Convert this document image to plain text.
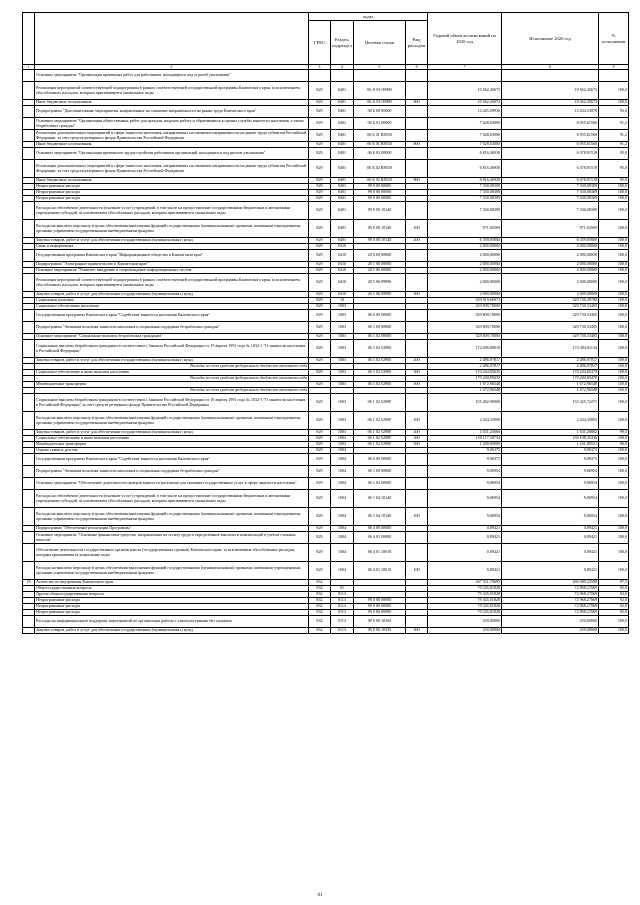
		коды				Годовой объем ассигнований на 2020 год	Исполнение 2020 год	% исполнения
		ГРБС	Раздел, подраздел	Целевая статья	Вид расходов			
1	2	3	4	5	6	7	8	9
	Основное мероприятие "Организация временных работ для работников, находящихся под угрозой увольнения"							
	Реализация мероприятий соответствующей подпрограммы в рамках соответствующей государственной программы Камчатского края, за исключением обособленных расходов, которым присваиваются уникальные коды	829	0401	06 А 03 09990		10 562,45673	10 562,45673	100,0
	Иные бюджетные ассигнования	829	0401	06 А 03 09990	800	10 562,45673	10 562,45673	100,0
	Подпрограмма "Дополнительные мероприятия, направленные на снижение напряженности на рынке труда Камчатского края"	829	0401	06 Б 00 00000		14 445,09930	13 434,53078	93,0
	Основное мероприятие "Организация общественных работ для граждан, ищущих работу и обратившихся в органы службы занятости населения, а также безработных граждан"	829	0401	06 Б 01 00000		7 628,63000	6 955,61560	91,2
	Реализация дополнительных мероприятий в сфере занятости населения, направленных на снижение напряженности на рынке труда субъектов Российской Федерации, за счет средств резервного фонда Правительства Российской Федерации	829	0401	06 Б 01 R8530		7 628,63000	6 955,61560	91,2
	Иные бюджетные ассигнования	829	0401	06 Б 01 R8530	800	7 628,63000	6 955,61560	91,2
	Основное мероприятие "Организация временного трудоустройства работников организаций, находящихся под риском увольнения"	829	0401	06 Б 02 00000		6 816,46930	6 478,91518	95,0
	Реализация дополнительных мероприятий в сфере занятости населения, направленных на снижение напряженности на рынке труда субъектов Российской Федерации, за счет средств резервного фонда Правительства Российской Федерации	829	0401	06 Б 02 R8530		6 816,46930	6 478,91518	95,0
	Иные бюджетные ассигнования	829	0401	06 Б 02 R8530	800	6 816,46930	6 478,91518	95,0
	Непрограммные расходы	829	0401	99 0 00 00000		7 330,08309	7 330,08309	100,0
	Непрограммные расходы	829	0401	99 0 00 00000		7 330,08309	7 330,08309	100,0
	Непрограммные расходы	829	0401	99 0 00 00000		7 330,08309	7 330,08309	100,0
	Расходы на обеспечение деятельности (оказание услуг) учреждений, в том числе на предоставление государственным бюджетным и автономным учреждениям субсидий, за исключением обособленных расходов, которым присваиваются уникальные коды	829	0401	99 0 00 10140		7 330,08309	7 330,08309	100,0
	Расходы на выплаты персоналу в целях обеспечения выполнения функций государственными (муниципальными) органами, казенными учреждениями, органами управления государственными внебюджетными фондами	829	0401	99 0 00 10140	100	971,02569	971,02569	100,0
	Закупка товаров, работ и услуг для обеспечения государственных (муниципальных) нужд	829	0401	99 0 00 10140	200	6 359,05800	6 359,05800	100,0
	Связь и информатика	829	0410			2 000,00000	2 000,00000	100,0
	Государственная программа Камчатского края "Информационное общество в Камчатском крае"	829	0410	20 0 00 00000		2 000,00000	2 000,00000	100,0
	Подпрограмма "Электронное правительство в Камчатском крае"	829	0410	20 1 00 00000		2 000,00000	2 000,00000	100,0
	Основное мероприятие "Развитие, внедрение и сопровождение информационных систем"	829	0410	20 1 06 00000		2 000,00000	2 000,00000	100,0
	Реализация мероприятий соответствующей подпрограммы в рамках соответствующей государственной программы Камчатского края, за исключением обособленных расходов, которым присваиваются уникальные коды	829	0410	20 1 06 09990		2 000,00000	2 000,00000	100,0
	Закупка товаров, работ и услуг для обеспечения государственных (муниципальных) нужд	829	0410	20 1 06 09990	200	2 000,00000	2 000,00000	100,0
	Социальная политика	829	10			329 819,66973	329 740,49780	100,0
	Социальное обеспечение населения	829	1003			329 809,70000	329 730,53405	100,0
	Государственная программа Камчатского края "Содействие занятости населения Камчатского края"	829	1003	06 0 00 00000		329 809,70000	329 730,53405	100,0
	Подпрограмма "Активная политика занятости населения и социальная поддержка безработных граждан"	829	1003	06 1 00 00000		329 809,70000	329 730,53405	100,0
	Основное мероприятие "Социальные выплаты безработным гражданам"	829	1003	06 1 02 00000		329 809,70000	329 730,53405	100,0
	Социальные выплаты безработным гражданам в соответствии с Законом Российской Федерации от 19 апреля 1991 года № 1032-1 "О занятости населения в Российской Федерации"	829	1003	06 1 02 52900		174 406,80010	174 404,81134	100,0
	Закупка товаров, работ и услуг для обеспечения государственных (муниципальных) нужд	829	1003	06 1 02 52900	200	2 486,97817	2 486,97817	100,0
	Расходы за счет средств федерального бюджета отчетного года					2 486,97817	2 486,97817	100,0
	Социальное обеспечение и иные выплаты населению	829	1003	06 1 02 52900	300	170 244,85635	170 244,85479	100,0
	Расходы за счет средств федерального бюджета отчетного года					170 244,85635	170 244,85479	100,0
	Межбюджетные трансферты	829	1003	06 1 02 52900	500	1 672,96548	1 672,96548	100,0
	Расходы за счет средств федерального бюджета отчетного года					1 672,96548	1 672,96548	100,0
	Социальные выплаты безработным гражданам в соответствии с Законом Российской Федерации от 19 апреля 1991 года № 1032-1 "О занятости населения в Российской Федерации" за счет средств резервного фонда Правительства Российской Федерации	829	1003	06 1 02 5290F		155 402,90000	155 325,72271	100,0
	Расходы на выплаты персоналу в целях обеспечения выполнения функций государственными (муниципальными) органами, казенными учреждениями, органами управления государственными внебюджетными фондами	829	1003	06 1 02 5290F	100	2 434,35900	2 434,35892	100,0
	Закупка товаров, работ и услуг для обеспечения государственных (муниципальных) нужд	829	1003	06 1 02 5290F	200	1 651,23666	1 631,26882	99,5
	Социальное обеспечение и иные выплаты населению	829	1003	06 1 02 5290F	300	150 117,30734	150 108,35436	100,0
	Межбюджетные трансферты	829	1003	06 1 02 5290F	500	1 200,00000	1 161,80551	96,8
	Охрана семьи и детства	829	1004			9,96375	9,96375	100,0
	Государственная программа Камчатского края "Содействие занятости населения Камчатского края"	829	1004	06 0 00 00000		9,96375	9,96375	100,0
	Подпрограмма "Активная политика занятости населения и социальная поддержка безработных граждан"	829	1004	06 1 00 00000		9,06954	9,06954	100,0
	Основное мероприятие "Обеспечение деятельности центров занятости населения для оказания государственных услуг в сфере занятости населения"	829	1004	06 1 04 00000		9,06954	9,06954	100,0
	Расходы на обеспечение деятельности (оказание услуг) учреждений, в том числе на предоставление государственным бюджетным и автономным учреждениям субсидий, за исключением обособленных расходов, которым присваиваются уникальные коды	829	1004	06 1 04 10140		9,06954	9,06954	100,0
	Расходы на выплаты персоналу в целях обеспечения выполнения функций государственными (муниципальными) органами, казенными учреждениями, органами управления государственными внебюджетными фондами	829	1004	06 1 04 10140	100	9,06954	9,06954	100,0
	Подпрограмма "Обеспечение реализации Программы"	829	1004	06 4 00 00000		0,89421	0,89421	100,0
	Основное мероприятие "Основные финансовые средства, направленные на оплату труда и определённые выплаты и компенсаций в учетом сложных взносов"	829	1004	06 4 01 00000		0,89421	0,89421	100,0
	Обеспечение деятельности государственных органов власти (государственных органов) Камчатского края, за исключением обособленных расходов, которым присваиваются уникальные коды	829	1004	06 4 01 10010		0,89421	0,89421	100,0
	Расходы на выплаты персоналу в целях обеспечения выполнения функций государственными (муниципальными) органами, казенными учреждениями, органами управления государственными внебюджетными фондами	829	1004	06 4 01 10010	100	0,89421	0,89421	100,0
19	Агентство по внутренним Камчатского края	832				267 311,70695	260 389,23598	97,5
	Общегосударственные вопросы	832	01			79 345,01828	72 968,27069	92,0
	Другие общегосударственные вопросы	832	0113			79 345,01828	72 968,27069	92,0
	Непрограммные расходы	832	0113	99 0 00 00000		79 345,01828	72 968,27069	92,0
	Непрограммные расходы	832	0113	99 0 00 00000		79 345,01828	72 968,27069	92,0
	Непрограммные расходы	832	0113	99 0 00 00000		79 345,01828	72 968,27069	92,0
	Расходы на информационную поддержку мероприятий по организации работы с этнокультурными без указания	832	0113	99 0 00 10350		250,00000	250,00000	100,0
	Закупка товаров, работ и услуг для обеспечения государственных (муниципальных) нужд	832	0113	99 0 00 10350	200	250,00000	250,00000	100,0
61
